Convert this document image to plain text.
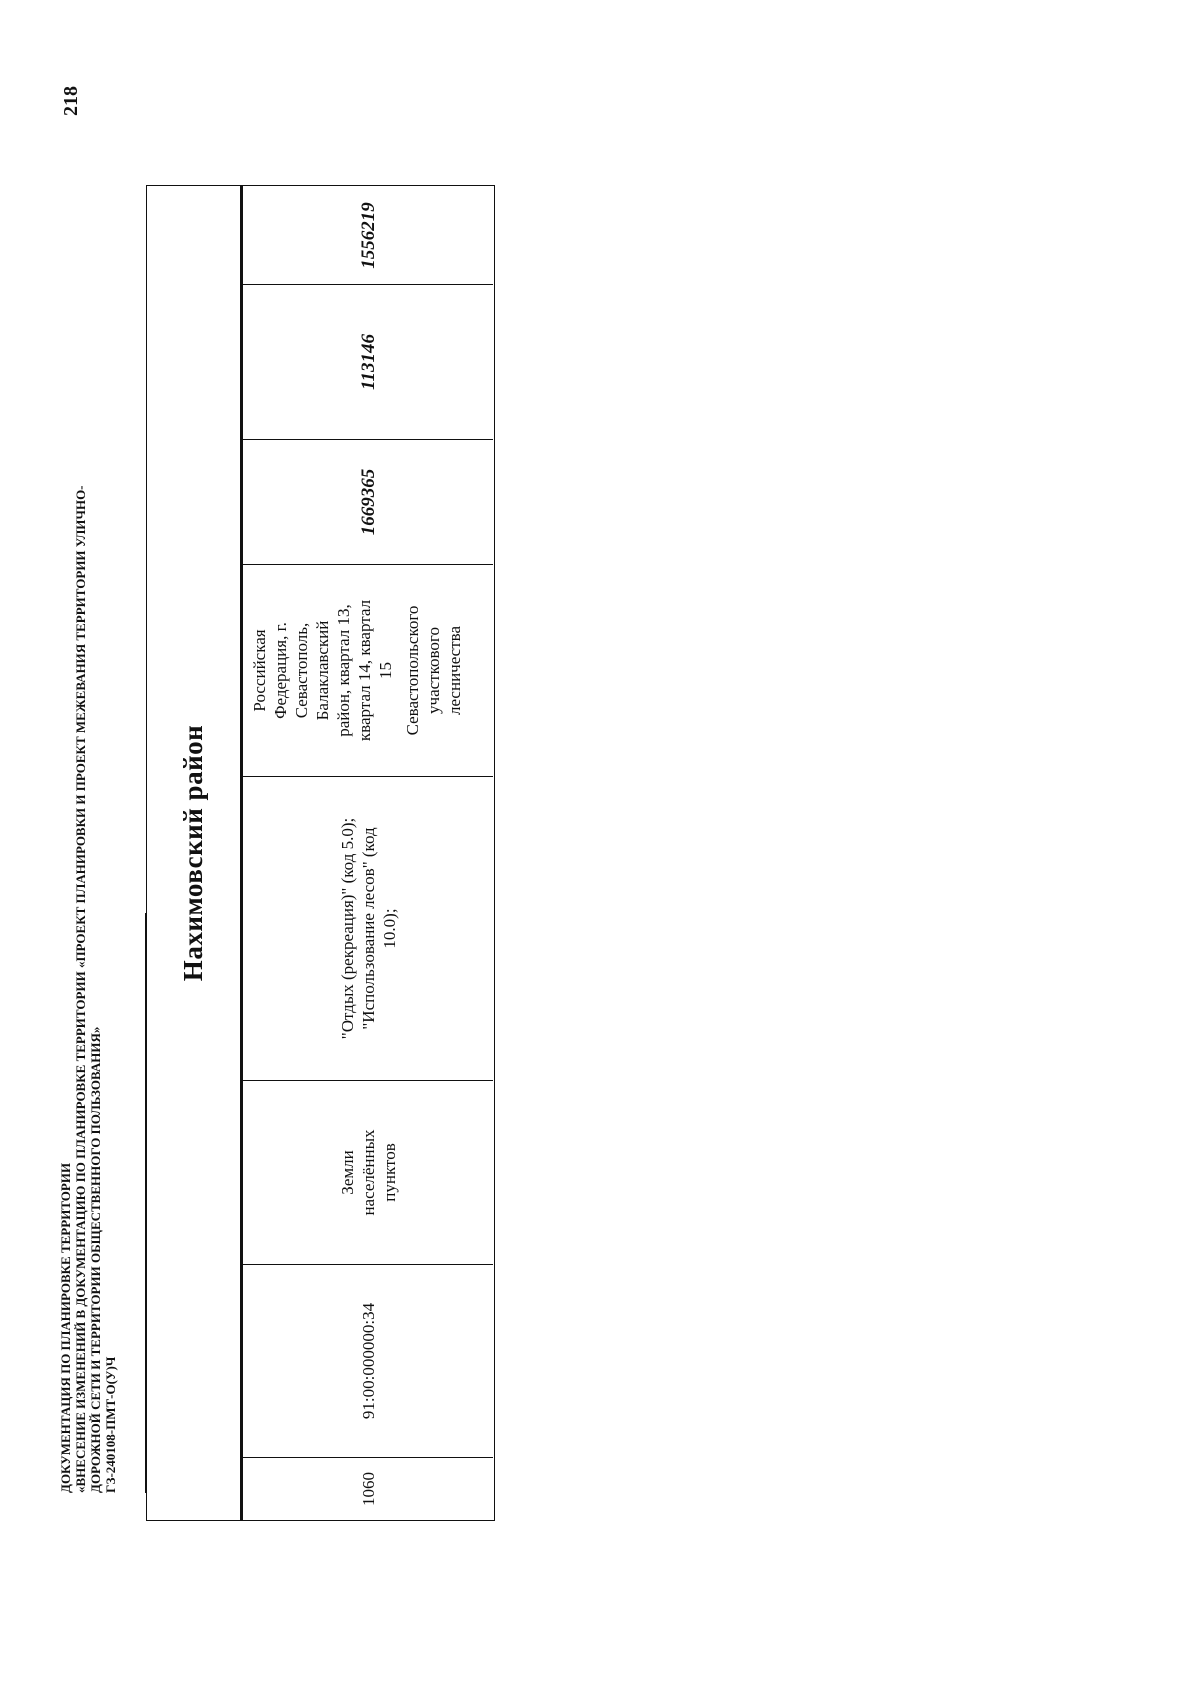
ДОКУМЕНТАЦИЯ ПО ПЛАНИРОВКЕ ТЕРРИТОРИИ «ВНЕСЕНИЕ ИЗМЕНЕНИЙ В ДОКУМЕНТАЦИЮ ПО ПЛАНИРОВКЕ ТЕРРИТОРИИ «ПРОЕКТ ПЛАНИРОВКИ И ПРОЕКТ МЕЖЕВАНИЯ ТЕРРИТОРИИ УЛИЧНО- ДОРОЖНОЙ СЕТИ И ТЕРРИТОРИИ ОБЩЕСТВЕННОГО ПОЛЬЗОВАНИЯ» ГЗ-240108-ПМТ-О(У)Ч
218
Нахимовский район
1060
91:00:000000:34
Земли населённых пунктов
"Отдых (рекреация)" (код 5.0); "Использование лесов" (код 10.0);
Российская Федерация, г. Севастополь, Балаклавский район, квартал 13, квартал 14, квартал 15 Севастопольского участкового лесничества
1669365
113146
1556219
